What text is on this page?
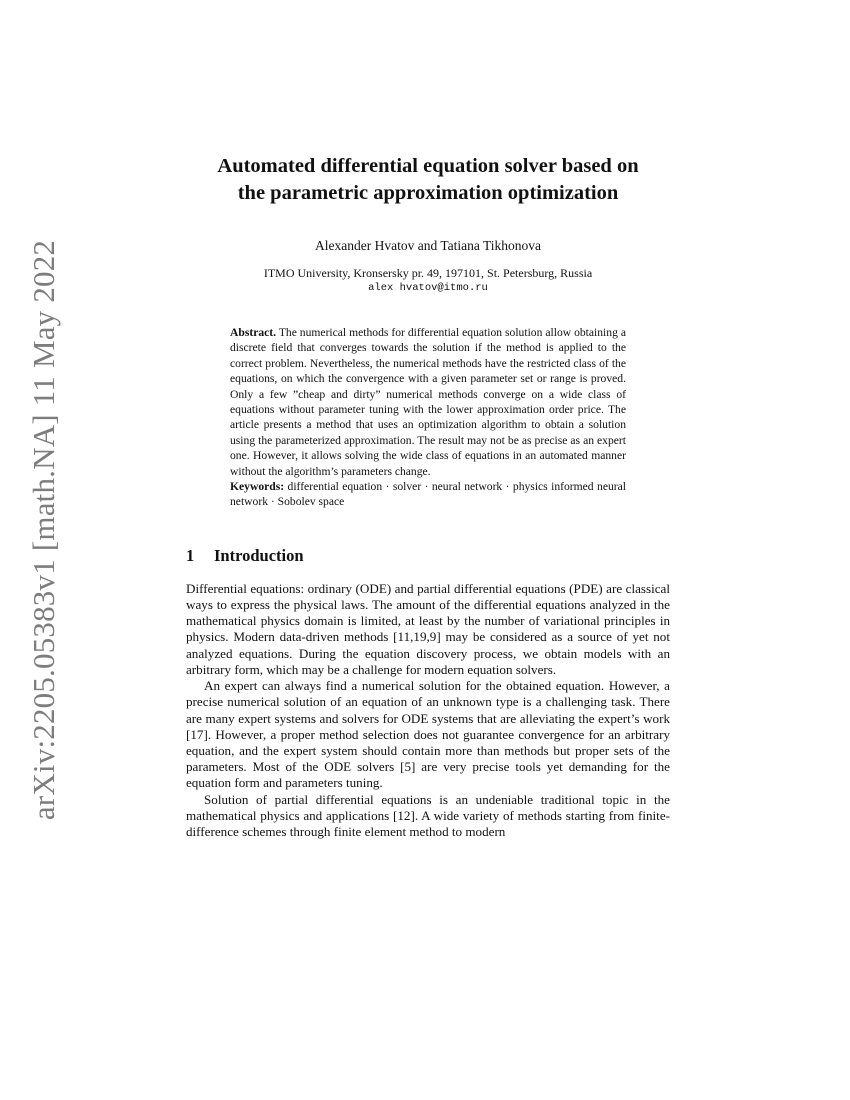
arXiv:2205.05383v1 [math.NA] 11 May 2022
Automated differential equation solver based on
the parametric approximation optimization
Alexander Hvatov and Tatiana Tikhonova
ITMO University, Kronsersky pr. 49, 197101, St. Petersburg, Russia
alex hvatov@itmo.ru

Abstract. The numerical methods for differential equation solution allow obtaining a discrete field that converges towards the solution if the method is applied to the correct problem. Nevertheless, the numerical methods have the restricted class of the equations, on which the convergence with a given parameter set or range is proved. Only a few ”cheap and dirty” numerical methods converge on a wide class of equations without parameter tuning with the lower approximation order price. The article presents a method that uses an optimization algorithm to obtain a solution using the parameterized approximation. The result may not be as precise as an expert one. However, it allows solving the wide class of equations in an automated manner without the algorithm’s parameters change.

Keywords: differential equation · solver · neural network · physics informed neural network · Sobolev space

1 Introduction

Differential equations: ordinary (ODE) and partial differential equations (PDE) are classical ways to express the physical laws. The amount of the differential equations analyzed in the mathematical physics domain is limited, at least by the number of variational principles in physics. Modern data-driven methods [11,19,9] may be considered as a source of yet not analyzed equations. During the equation discovery process, we obtain models with an arbitrary form, which may be a challenge for modern equation solvers.

An expert can always find a numerical solution for the obtained equation. However, a precise numerical solution of an equation of an unknown type is a challenging task. There are many expert systems and solvers for ODE systems that are alleviating the expert’s work [17]. However, a proper method selection does not guarantee convergence for an arbitrary equation, and the expert system should contain more than methods but proper sets of the parameters. Most of the ODE solvers [5] are very precise tools yet demanding for the equation form and parameters tuning.

Solution of partial differential equations is an undeniable traditional topic in the mathematical physics and applications [12]. A wide variety of methods starting from finite-difference schemes through finite element method to modern
